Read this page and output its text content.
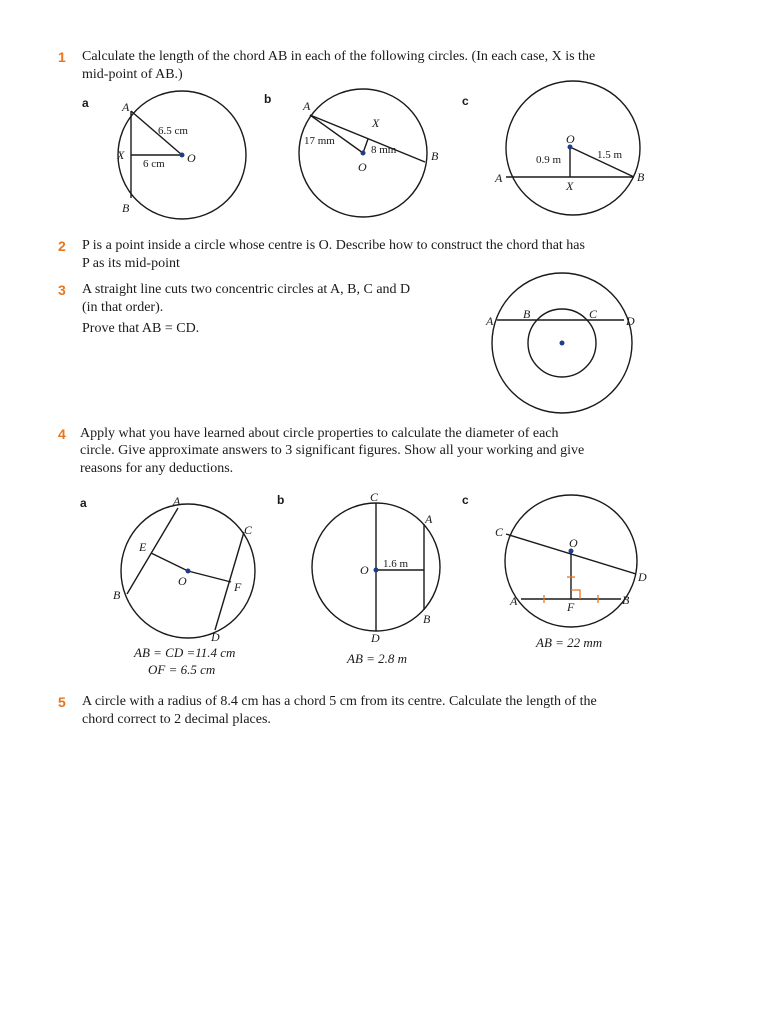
1 Calculate the length of the chord AB in each of the following circles. (In each case, X is the
mid-point of AB.)
a	b	c
A
B
X	O
6.5 cm
6 cm
A
B
X
O
17 mm
8 mm
A	B
X
O
0.9 m	1.5 m
A B	C D
A
B
C
D
E
F
O
A
B
C
D
O 1.6 m
A	B
C
D
F
O
2 P is a point inside a circle whose centre is O. Describe how to construct the chord that has
P as its mid-point
3 A straight line cuts two concentric circles at A, B, C and D
(in that order).
Prove that AB = CD.
4 Apply what you have learned about circle properties to calculate the diameter of each
circle. Give approximate answers to 3 significant figures. Show all your working and give
reasons for any deductions.
a	b	c
AB = CD =11.4 cm
OF = 6.5 cm
AB = 2.8 m
AB = 22 mm
5 A circle with a radius of 8.4 cm has a chord 5 cm from its centre. Calculate the length of the
chord correct to 2 decimal places.
